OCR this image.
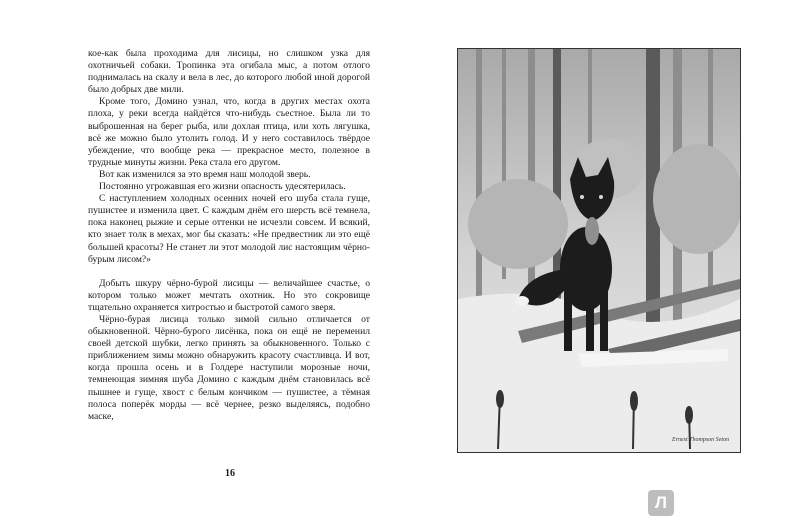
кое-как была проходима для лисицы, но слишком узка для охотничьей собаки. Тропинка эта огибала мыс, а потом отлого поднималась на скалу и вела в лес, до которого любой иной дорогой было добрых две мили.

Кроме того, Домино узнал, что, когда в других местах охота плоха, у реки всегда найдётся что-нибудь съестное. Была ли то выброшенная на берег рыба, или дохлая птица, или хоть лягушка, всё же можно было утолить голод. И у него составилось твёрдое убеждение, что вообще река — прекрасное место, полезное в трудные минуты жизни. Река стала его другом.

Вот как изменился за это время наш молодой зверь.

Постоянно угрожавшая его жизни опасность удесятерилась.

С наступлением холодных осенних ночей его шуба стала гуще, пушистее и изменила цвет. С каждым днём его шерсть всё темнела, пока наконец рыжие и серые оттенки не исчезли совсем. И всякий, кто знает толк в мехах, мог бы сказать: «Не предвестник ли это ещё большей красоты? Не станет ли этот молодой лис настоящим чёрно-бурым лисом?»

Добыть шкуру чёрно-бурой лисицы — величайшее счастье, о котором только может мечтать охотник. Но это сокровище тщательно охраняется хитростью и быстротой самого зверя.

Чёрно-бурая лисица только зимой сильно отличается от обыкновенной. Чёрно-бурого лисёнка, пока он ещё не переменил своей детской шубки, легко принять за обыкновенного. Только с приближением зимы можно обнаружить красоту счастливца. И вот, когда прошла осень и в Голдере наступили морозные ночи, темнеющая зимняя шуба Домино с каждым днём становилась всё пышнее и гуще, хвост с белым кончиком — пушистее, а тёмная полоса поперёк морды — всё чернее, резко выделяясь, подобно маске,

16
Ernest Thompson Seton
Л
